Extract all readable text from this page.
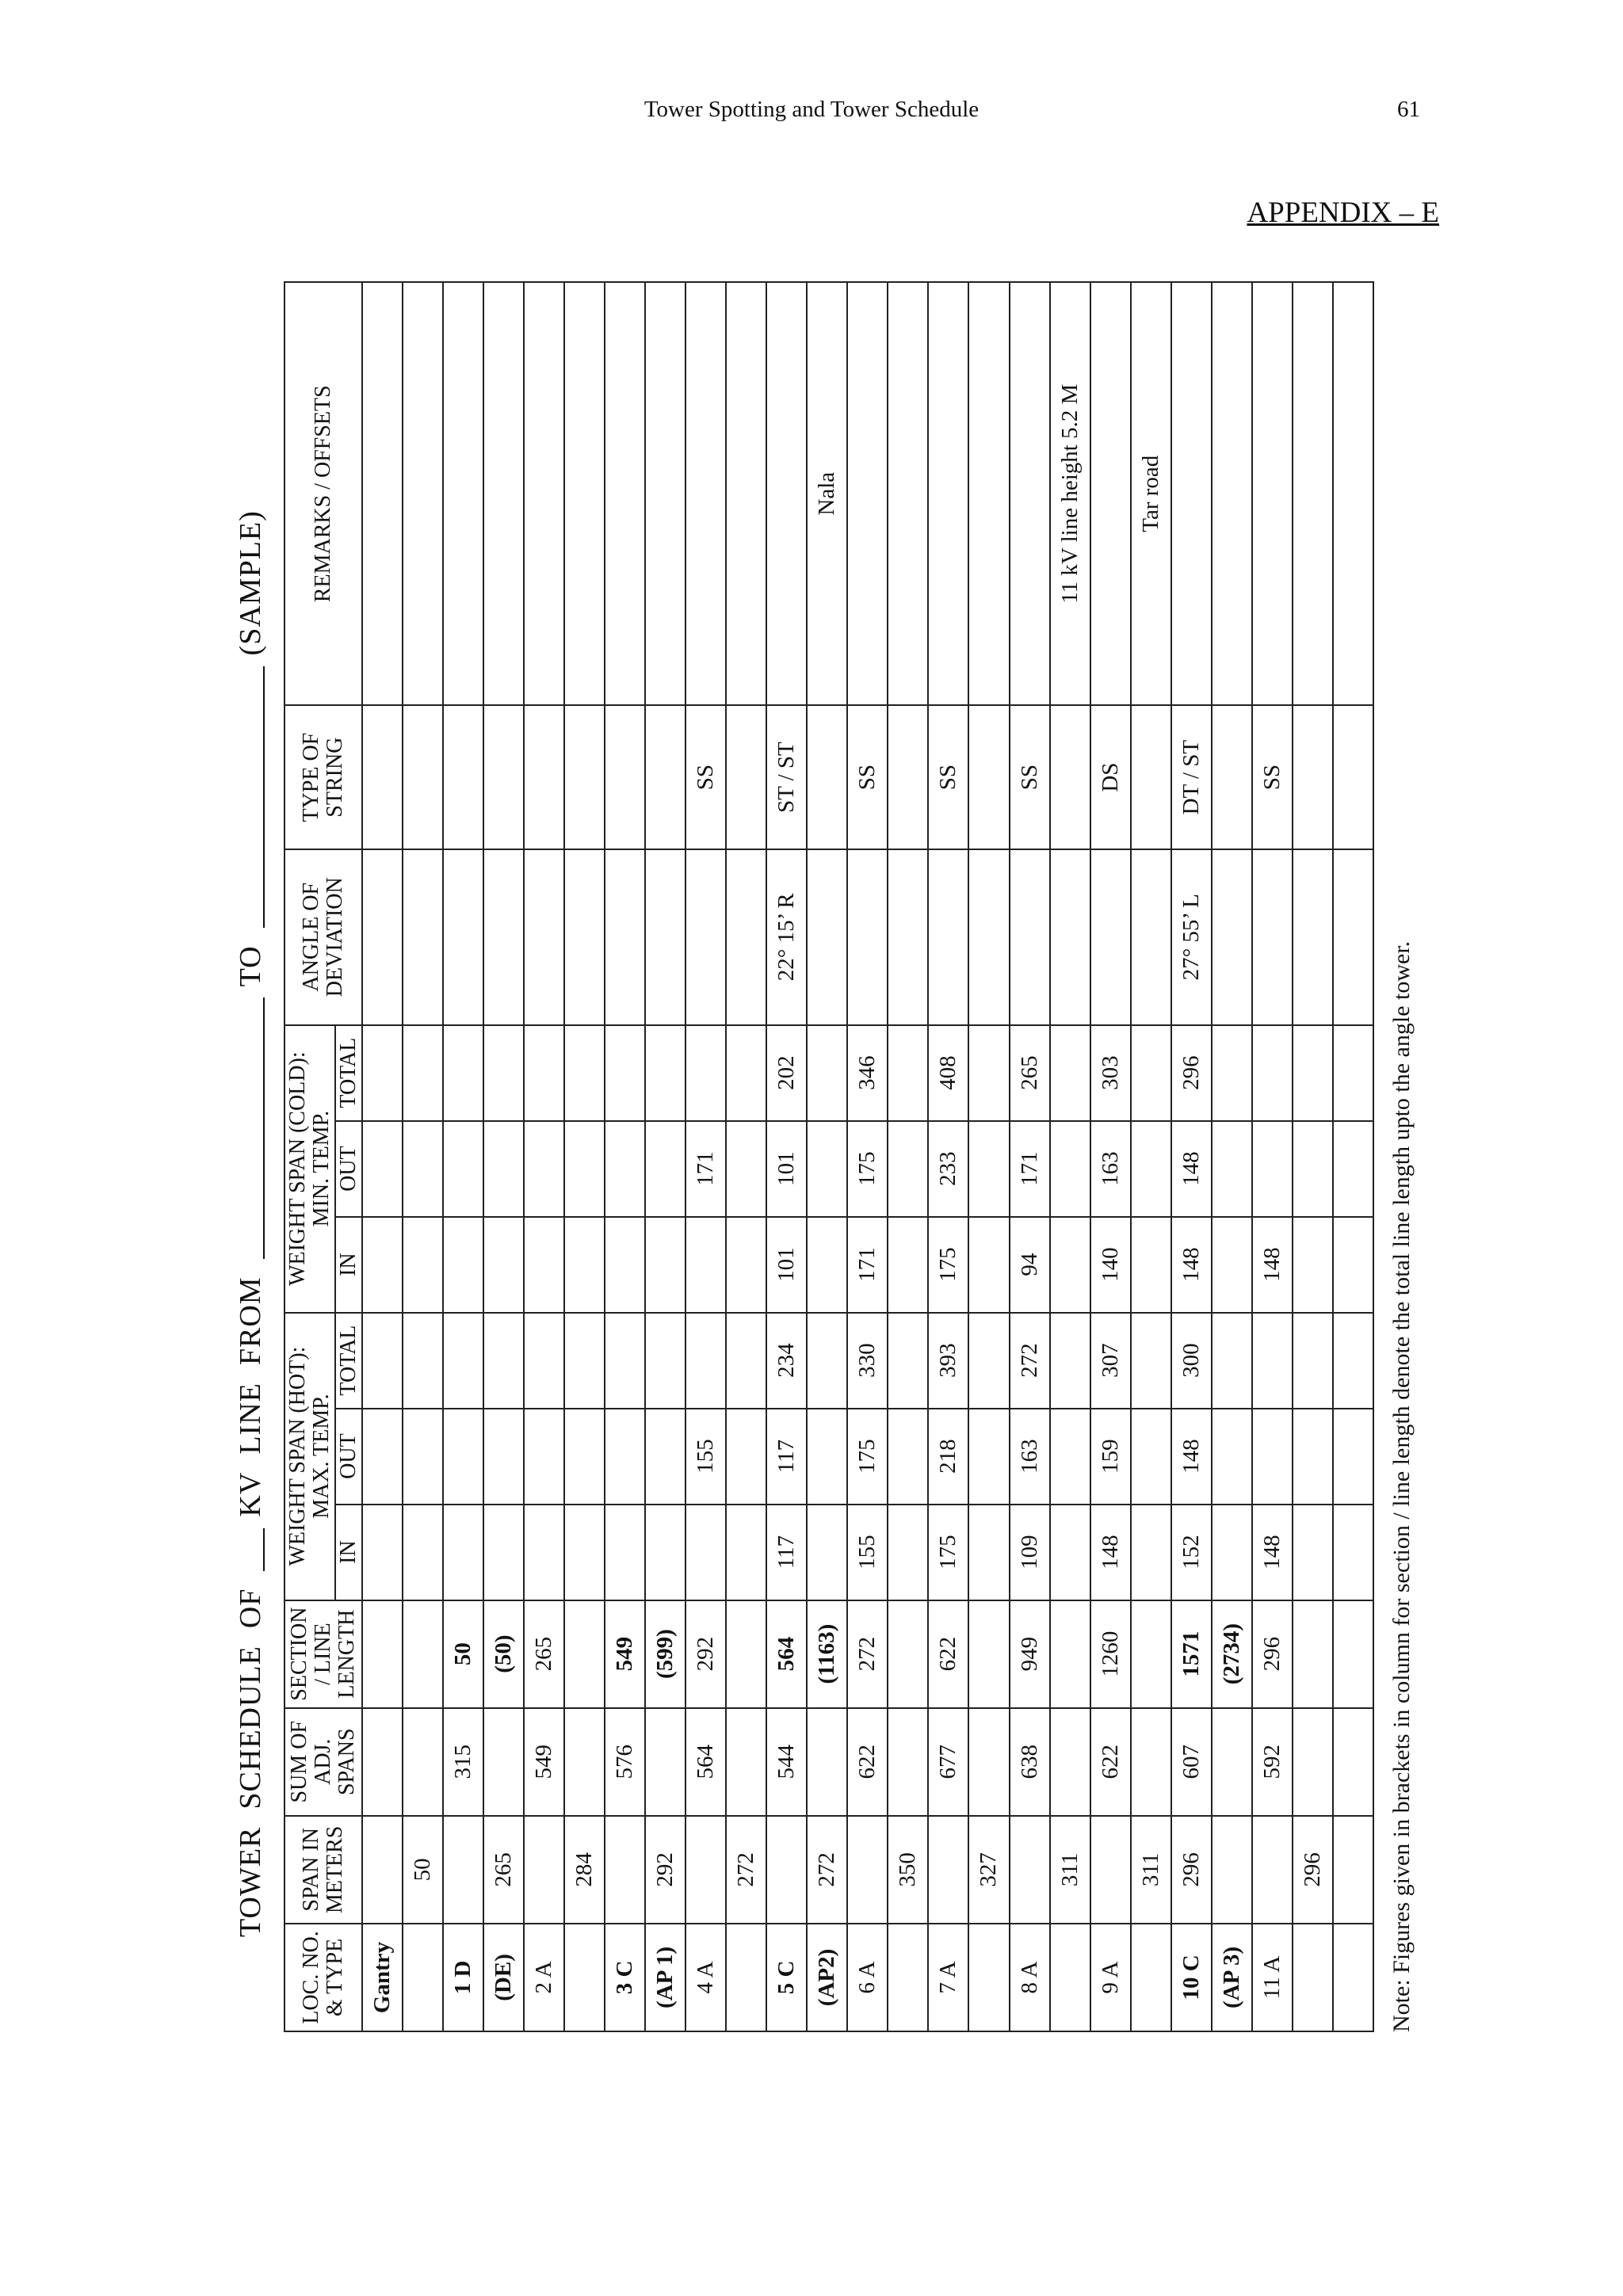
Tower Spotting and Tower Schedule	61
APPENDIX – E
TOWER
SCHEDULE
OF
KV
LINE
FROM
TO
(SAMPLE)
LOC. NO. & TYPE	SPAN IN METERS	SUM OF ADJ. SPANS	SECTION / LINE LENGTH	WEIGHT SPAN (HOT): MAX. TEMP.			WEIGHT SPAN (COLD): MIN. TEMP.			ANGLE OF DEVIATION	TYPE OF STRING	REMARKS / OFFSETS
				IN	OUT	TOTAL	IN	OUT	TOTAL			
Gantry												
	50											
1 D		315	50									
(DE)	265		(50)									
2 A		549	265									
	284											
3 C		576	549									
(AP 1)	292		(599)									
4 A		564	292		155			171			SS	
	272											
5 C		544	564	117	117	234	101	101	202	22° 15’ R	ST / ST	
(AP2)	272		(1163)									Nala
6 A		622	272	155	175	330	171	175	346		SS	
	350											
7 A		677	622	175	218	393	175	233	408		SS	
	327											
8 A		638	949	109	163	272	94	171	265		SS	
	311											11 kV line height 5.2 M
9 A		622	1260	148	159	307	140	163	303		DS	
	311											Tar road
10 C	296	607	1571	152	148	300	148	148	296	27° 55’ L	DT / ST	
(AP 3)			(2734)									
11 A		592	296	148			148				SS	
	296											
													Note: Figures given in brackets in column for section / line length denote the total line length upto the angle tower.
